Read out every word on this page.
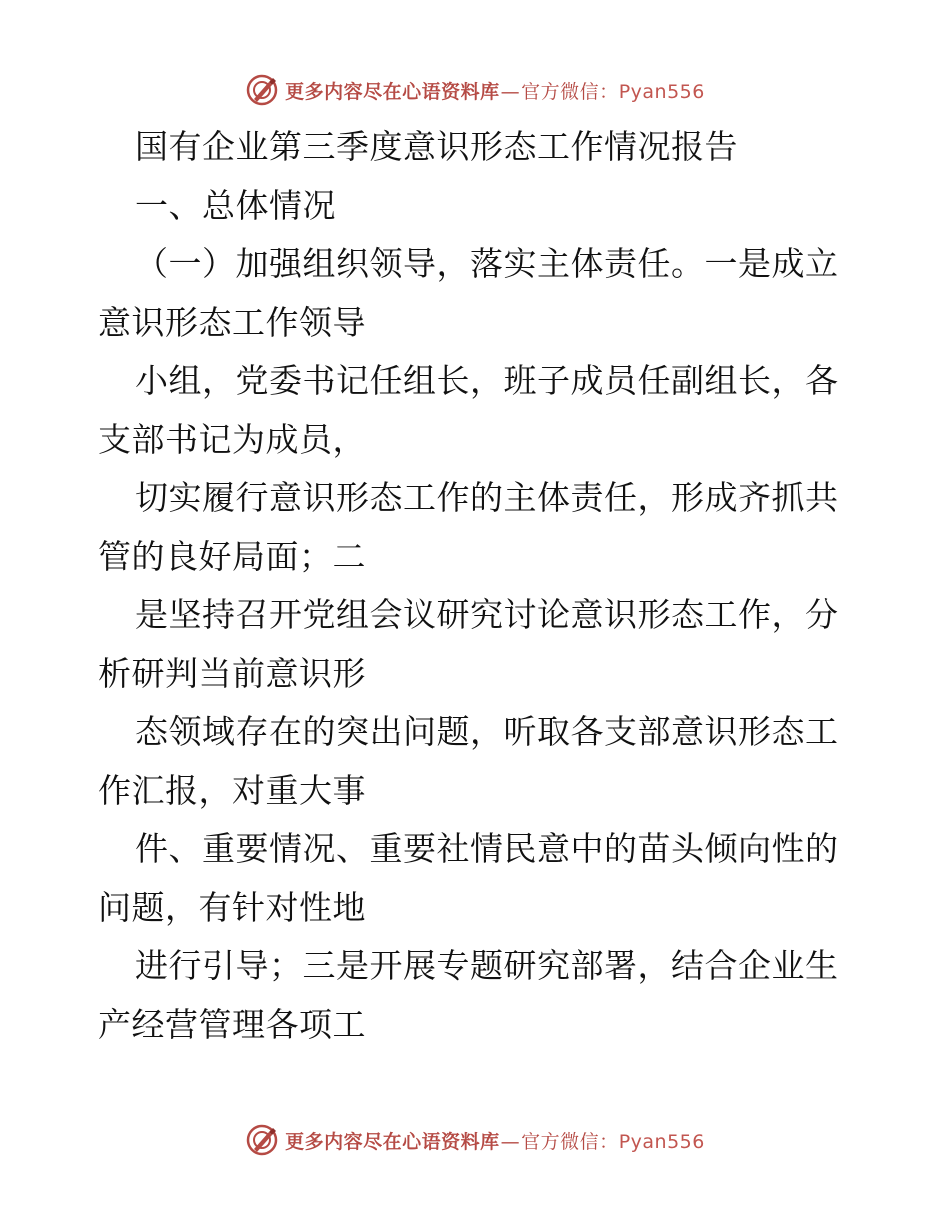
更多内容尽在心语资料库—官方微信：Pyan556
国有企业第三季度意识形态工作情况报告
一、总体情况
（一）加强组织领导，落实主体责任。一是成立
意识形态工作领导
小组，党委书记任组长，班子成员任副组长，各
支部书记为成员，
切实履行意识形态工作的主体责任，形成齐抓共
管的良好局面；二
是坚持召开党组会议研究讨论意识形态工作，分
析研判当前意识形
态领域存在的突出问题，听取各支部意识形态工
作汇报，对重大事
件、重要情况、重要社情民意中的苗头倾向性的
问题，有针对性地
进行引导；三是开展专题研究部署，结合企业生
产经营管理各项工
更多内容尽在心语资料库—官方微信：Pyan556
